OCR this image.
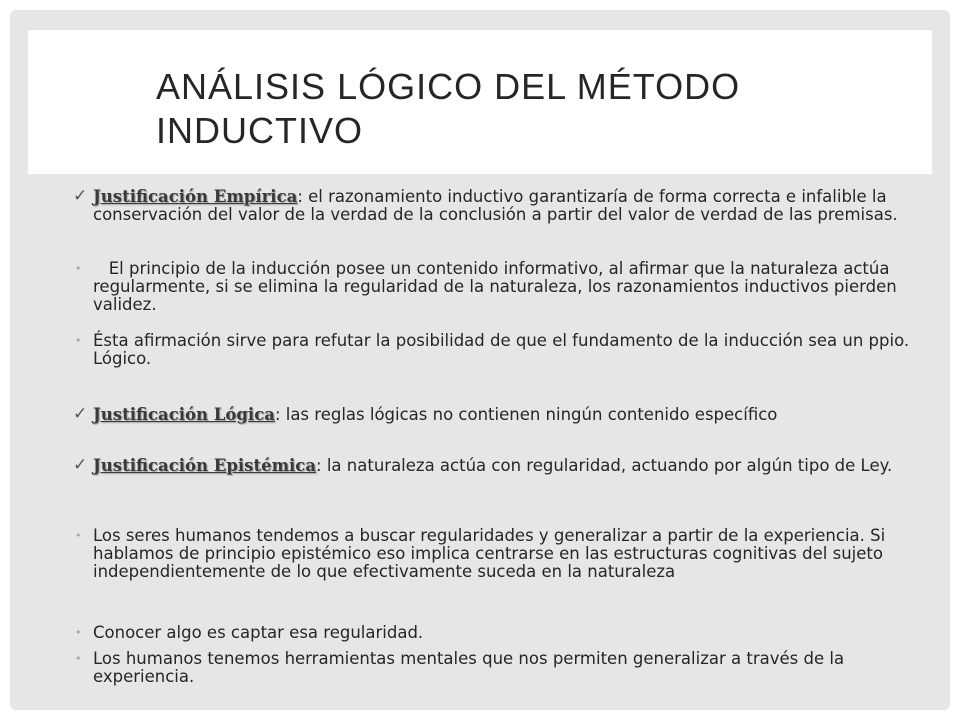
ANÁLISIS LÓGICO DEL MÉTODO INDUCTIVO

✓ Justificación Empírica: el razonamiento inductivo garantizaría de forma correcta e infalible la conservación del valor de la verdad de la conclusión a partir del valor de verdad de las premisas.

• El principio de la inducción posee un contenido informativo, al afirmar que la naturaleza actúa regularmente, si se elimina la regularidad de la naturaleza, los razonamientos inductivos pierden validez.

• Ésta afirmación sirve para refutar la posibilidad de que el fundamento de la inducción sea un ppio. Lógico.

✓ Justificación Lógica: las reglas lógicas no contienen ningún contenido específico

✓ Justificación Epistémica: la naturaleza actúa con regularidad, actuando por algún tipo de Ley.

• Los seres humanos tendemos a buscar regularidades y generalizar a partir de la experiencia. Si hablamos de principio epistémico eso implica centrarse en las estructuras cognitivas del sujeto independientemente de lo que efectivamente suceda en la naturaleza

• Conocer algo es captar esa regularidad.

• Los humanos tenemos herramientas mentales que nos permiten generalizar a través de la experiencia.
